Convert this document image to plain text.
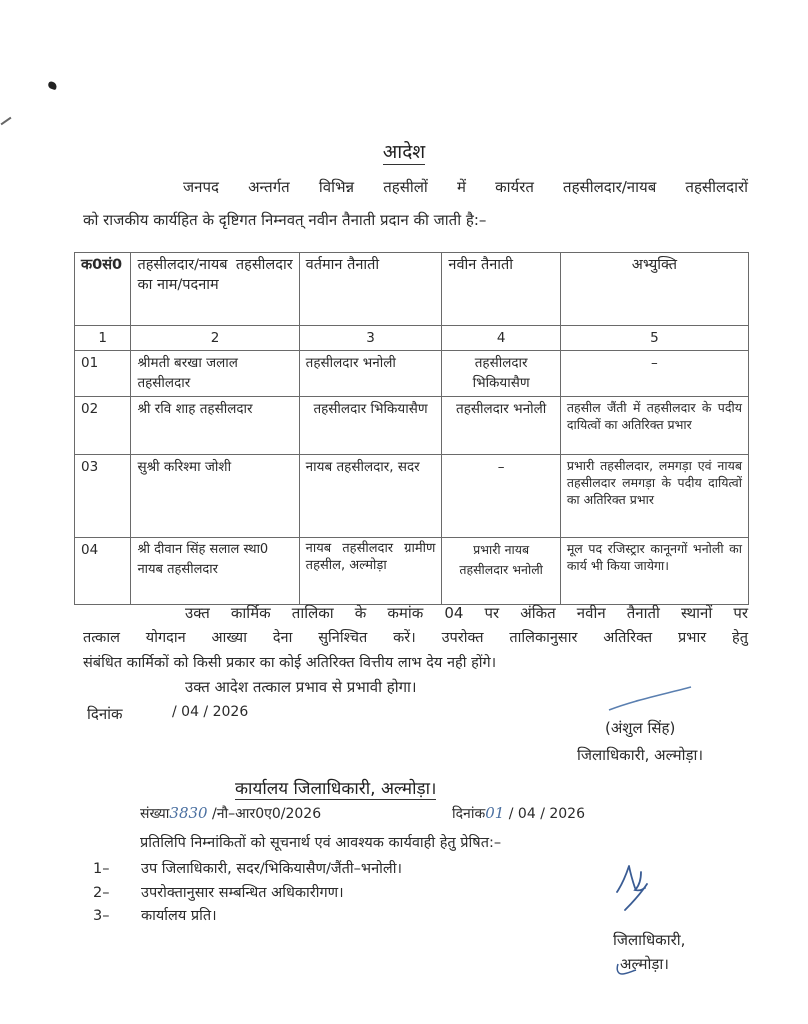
आदेश
जनपद अन्तर्गत विभिन्न तहसीलों में कार्यरत तहसीलदार/नायब तहसीलदारों
को राजकीय कार्यहित के दृष्टिगत निम्नवत् नवीन तैनाती प्रदान की जाती है:–
क0सं0	तहसीलदार/नायब तहसीलदार का नाम/पदनाम	वर्तमान तैनाती	नवीन तैनाती	अभ्युक्ति
1	2	3	4	5
01	श्रीमती बरखा जलाल तहसीलदार	तहसीलदार भनोली	तहसीलदार भिकियासैण	–
02	श्री रवि शाह तहसीलदार	तहसीलदार भिकियासैण	तहसीलदार भनोली	तहसील जैंती में तहसीलदार के पदीय दायित्वों का अतिरिक्त प्रभार
03	सुश्री करिश्मा जोशी	नायब तहसीलदार, सदर	–	प्रभारी तहसीलदार, लमगड़ा एवं नायब तहसीलदार लमगड़ा के पदीय दायित्वों का अतिरिक्त प्रभार
04	श्री दीवान सिंह सलाल स्था0 नायब तहसीलदार	नायब तहसीलदार ग्रामीण तहसील, अल्मोड़ा	प्रभारी नायब तहसीलदार भनोली	मूल पद रजिस्ट्रार कानूनगों भनोली का कार्य भी किया जायेगा।
उक्त कार्मिक तालिका के कमांक 04 पर अंकित नवीन तैनाती स्थानों पर
तत्काल योगदान आख्या देना सुनिश्चित करें। उपरोक्त तालिकानुसार अतिरिक्त प्रभार हेतु
संबंधित कार्मिकों को किसी प्रकार का कोई अतिरिक्त वित्तीय लाभ देय नही होंगे।
उक्त आदेश तत्काल प्रभाव से प्रभावी होगा।
दिनांक	/ 04 / 2026
(अंशुल सिंह)
जिलाधिकारी, अल्मोड़ा।
कार्यालय जिलाधिकारी, अल्मोड़ा।
संख्या3830 /नौ–आर0ए0/2026	दिनांक01 / 04 / 2026
प्रतिलिपि निम्नांकितों को सूचनार्थ एवं आवश्यक कार्यवाही हेतु प्रेषित:–
1– उप जिलाधिकारी, सदर/भिकियासैण/जैंती–भनोली।
2– उपरोक्तानुसार सम्बन्धित अधिकारीगण।
3– कार्यालय प्रति।
जिलाधिकारी,
अल्मोड़ा।
